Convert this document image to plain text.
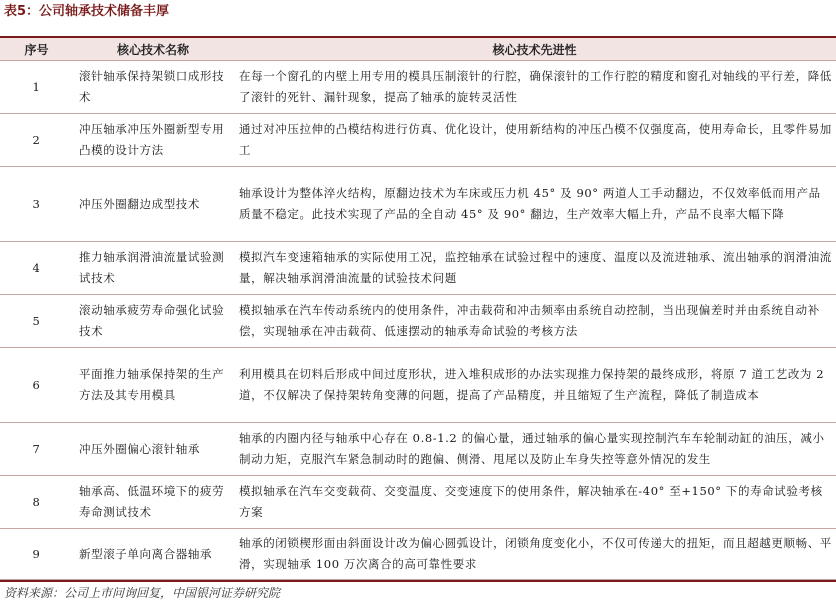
表5：公司轴承技术储备丰厚
序号	核心技术名称	核心技术先进性
1	滚针轴承保持架锁口成形技术	在每一个窗孔的内壁上用专用的模具压制滚针的行腔，确保滚针的工作行腔的精度和窗孔对轴线的平行差，降低了滚针的死针、漏针现象，提高了轴承的旋转灵活性
2	冲压轴承冲压外圈新型专用凸模的设计方法	通过对冲压拉伸的凸模结构进行仿真、优化设计，使用新结构的冲压凸模不仅强度高，使用寿命长，且零件易加工
3	冲压外圈翻边成型技术	轴承设计为整体淬火结构，原翻边技术为车床或压力机 45° 及 90° 两道人工手动翻边，不仅效率低而用产品质量不稳定。此技术实现了产品的全自动 45° 及 90° 翻边，生产效率大幅上升，产品不良率大幅下降
4	推力轴承润滑油流量试验测试技术	模拟汽车变速箱轴承的实际使用工况，监控轴承在试验过程中的速度、温度以及流进轴承、流出轴承的润滑油流量，解决轴承润滑油流量的试验技术问题
5	滚动轴承疲劳寿命强化试验技术	模拟轴承在汽车传动系统内的使用条件，冲击载荷和冲击频率由系统自动控制，当出现偏差时并由系统自动补偿，实现轴承在冲击载荷、低速摆动的轴承寿命试验的考核方法
6	平面推力轴承保持架的生产方法及其专用模具	利用模具在切料后形成中间过度形状，进入堆积成形的办法实现推力保持架的最终成形，将原 7 道工艺改为 2 道，不仅解决了保持架转角变薄的问题，提高了产品精度，并且缩短了生产流程，降低了制造成本
7	冲压外圈偏心滚针轴承	轴承的内圈内径与轴承中心存在 0.8-1.2 的偏心量，通过轴承的偏心量实现控制汽车车轮制动缸的油压，减小制动力矩，克服汽车紧急制动时的跑偏、侧滑、甩尾以及防止车身失控等意外情况的发生
8	轴承高、低温环境下的疲劳寿命测试技术	模拟轴承在汽车交变载荷、交变温度、交变速度下的使用条件，解决轴承在-40° 至+150° 下的寿命试验考核方案
9	新型滚子单向离合器轴承	轴承的闭锁楔形面由斜面设计改为偏心圆弧设计，闭锁角度变化小，不仅可传递大的扭矩，而且超越更顺畅、平滑，实现轴承 100 万次离合的高可靠性要求
资料来源：公司上市问询回复，中国银河证券研究院
